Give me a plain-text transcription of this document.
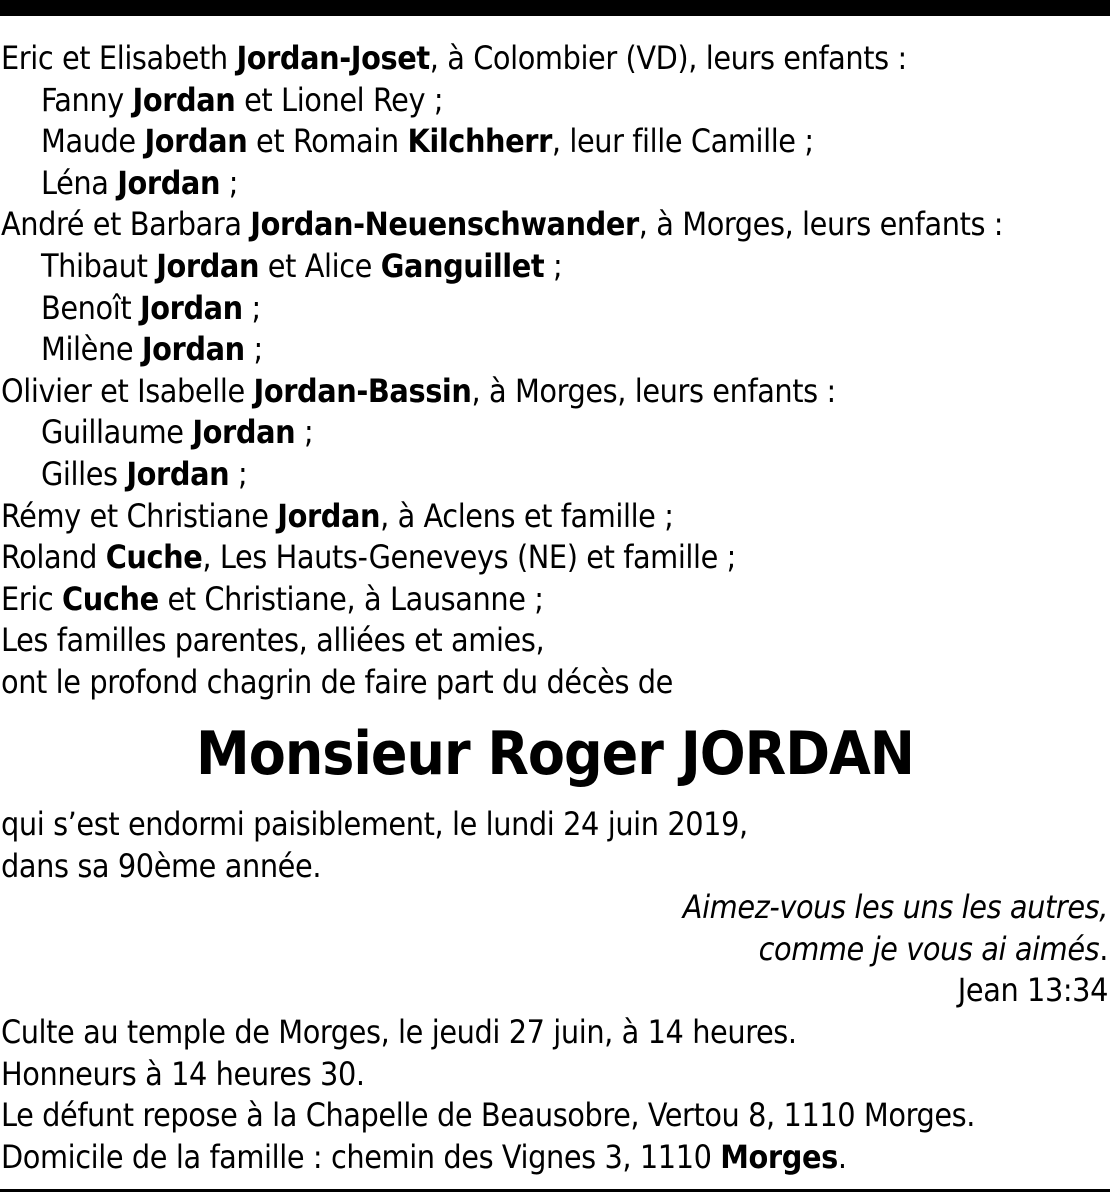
Eric et Elisabeth Jordan-Joset, à Colombier (VD), leurs enfants :
Fanny Jordan et Lionel Rey ;
Maude Jordan et Romain Kilchherr, leur fille Camille ;
Léna Jordan ;
André et Barbara Jordan-Neuenschwander, à Morges, leurs enfants :
Thibaut Jordan et Alice Ganguillet ;
Benoît Jordan ;
Milène Jordan ;
Olivier et Isabelle Jordan-Bassin, à Morges, leurs enfants :
Guillaume Jordan ;
Gilles Jordan ;
Rémy et Christiane Jordan, à Aclens et famille ;
Roland Cuche, Les Hauts-Geneveys (NE) et famille ;
Eric Cuche et Christiane, à Lausanne ;
Les familles parentes, alliées et amies,
ont le profond chagrin de faire part du décès de
Monsieur Roger JORDAN
qui s’est endormi paisiblement, le lundi 24 juin 2019,
dans sa 90ème année.
Aimez-vous les uns les autres,
comme je vous ai aimés.
Jean 13:34
Culte au temple de Morges, le jeudi 27 juin, à 14 heures.
Honneurs à 14 heures 30.
Le défunt repose à la Chapelle de Beausobre, Vertou 8, 1110 Morges.
Domicile de la famille : chemin des Vignes 3, 1110 Morges.
